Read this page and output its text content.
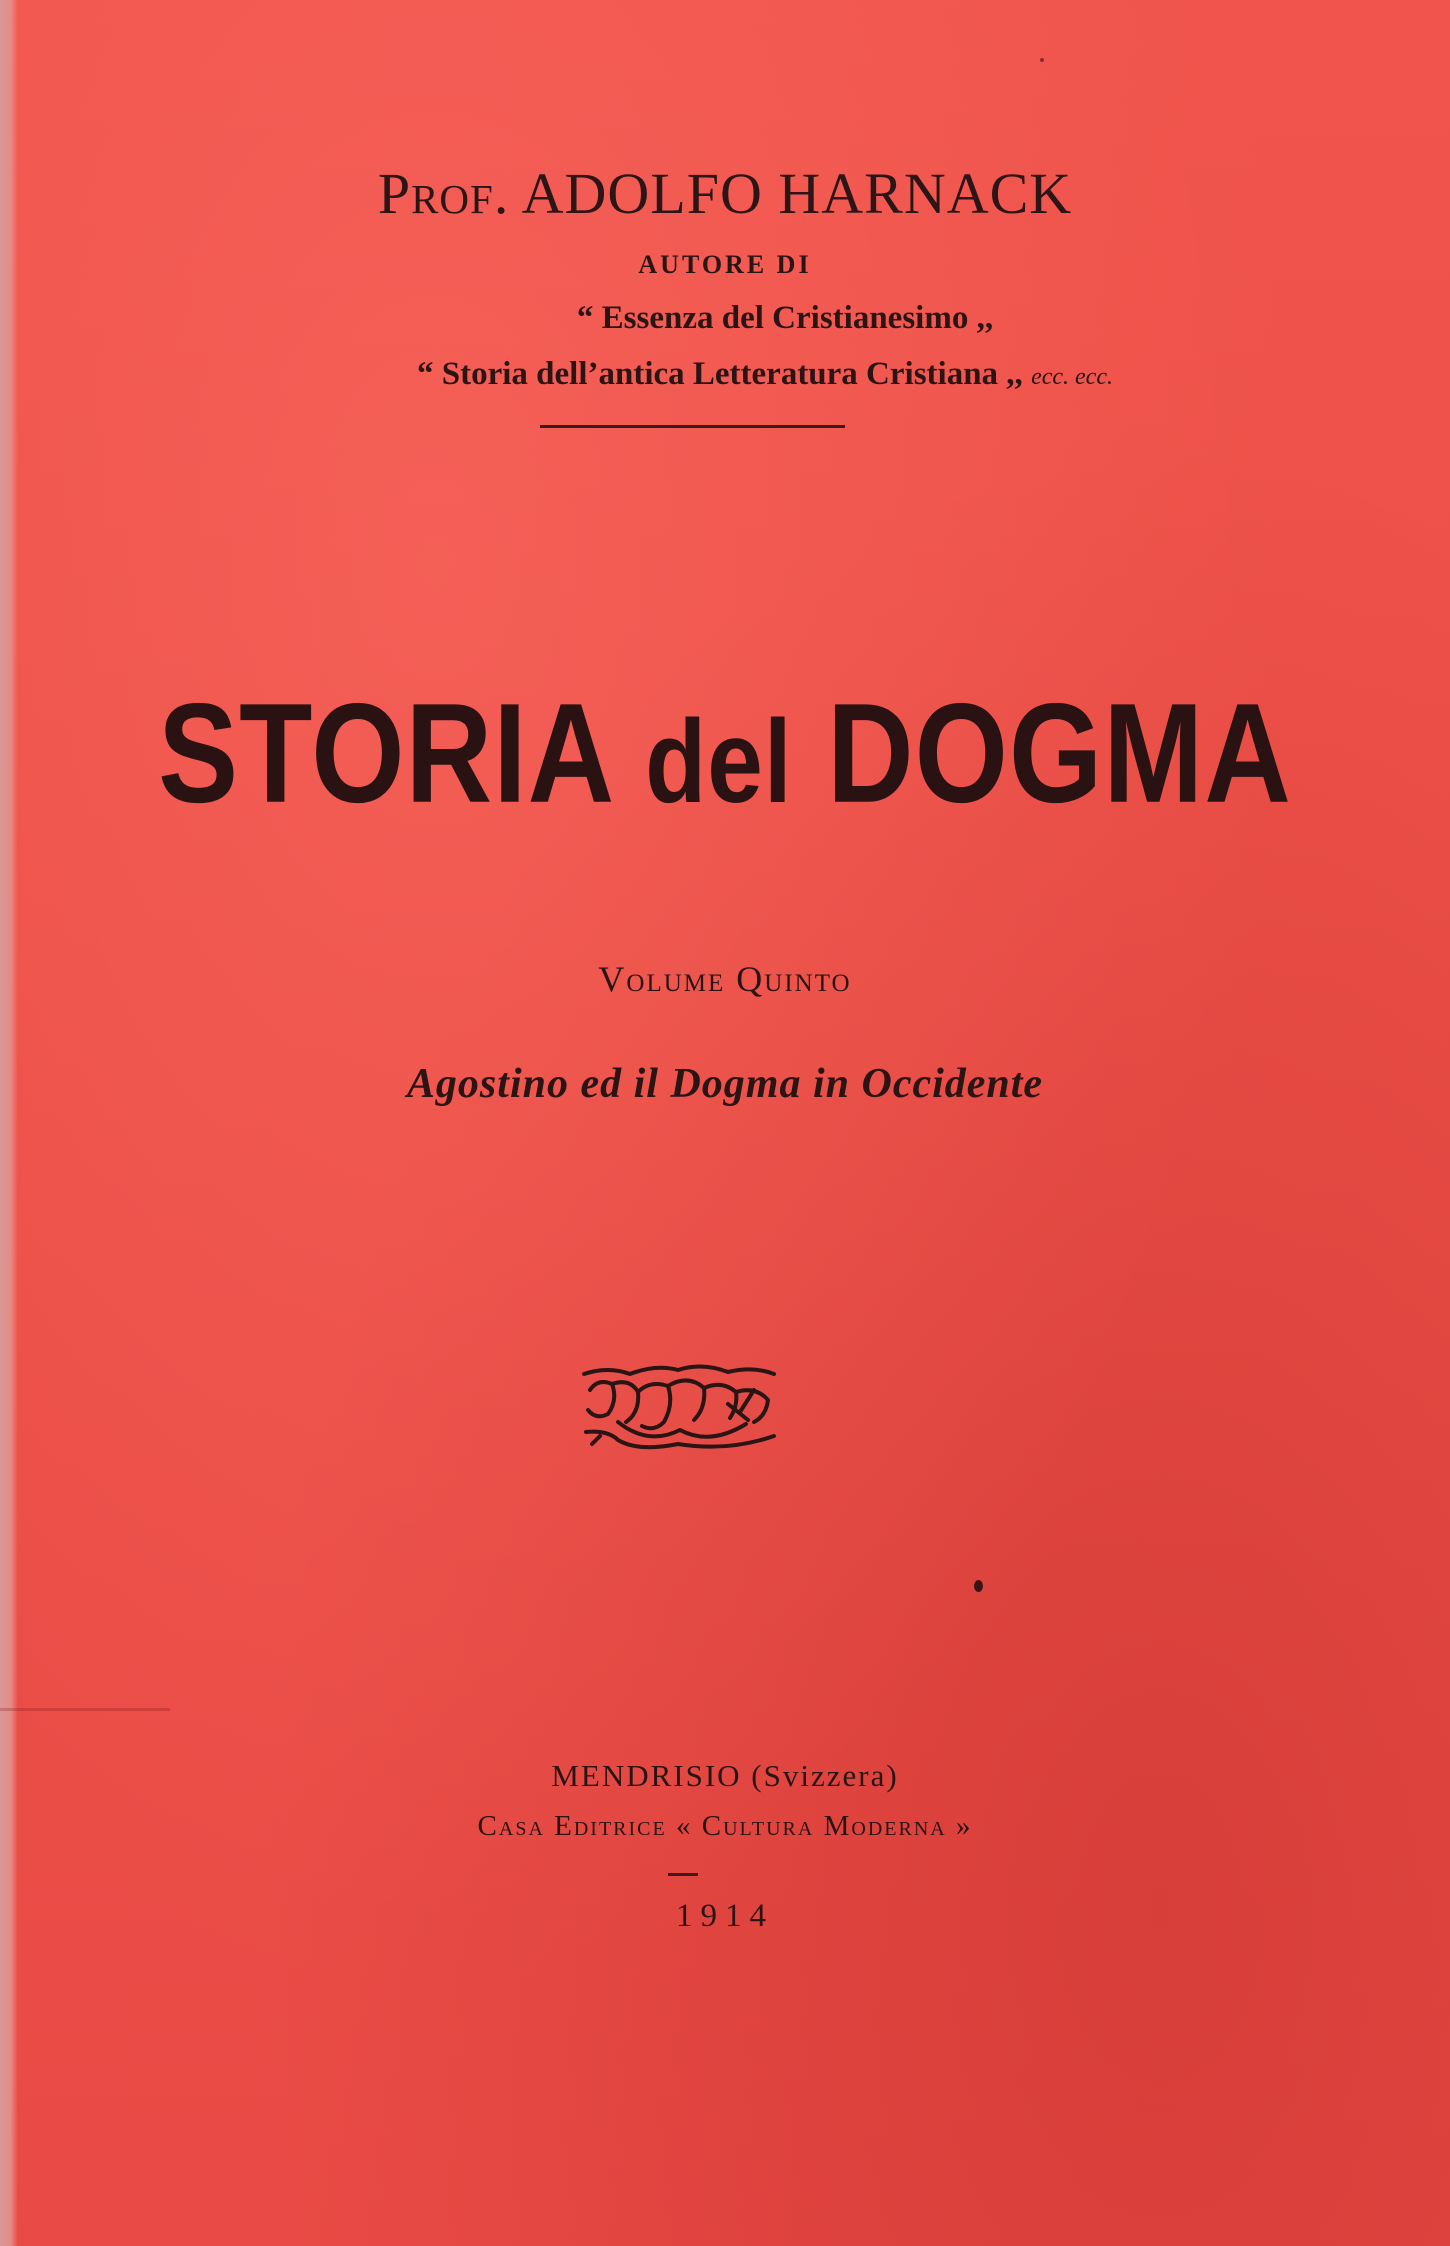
Prof. ADOLFO HARNACK
AUTORE DI
“ Essenza del Cristianesimo ,,
“ Storia dell’antica Letteratura Cristiana ,, ecc. ecc.
STORIA del DOGMA
Volume Quinto
Agostino ed il Dogma in Occidente
MENDRISIO (Svizzera)
Casa Editrice « Cultura Moderna »
1914
